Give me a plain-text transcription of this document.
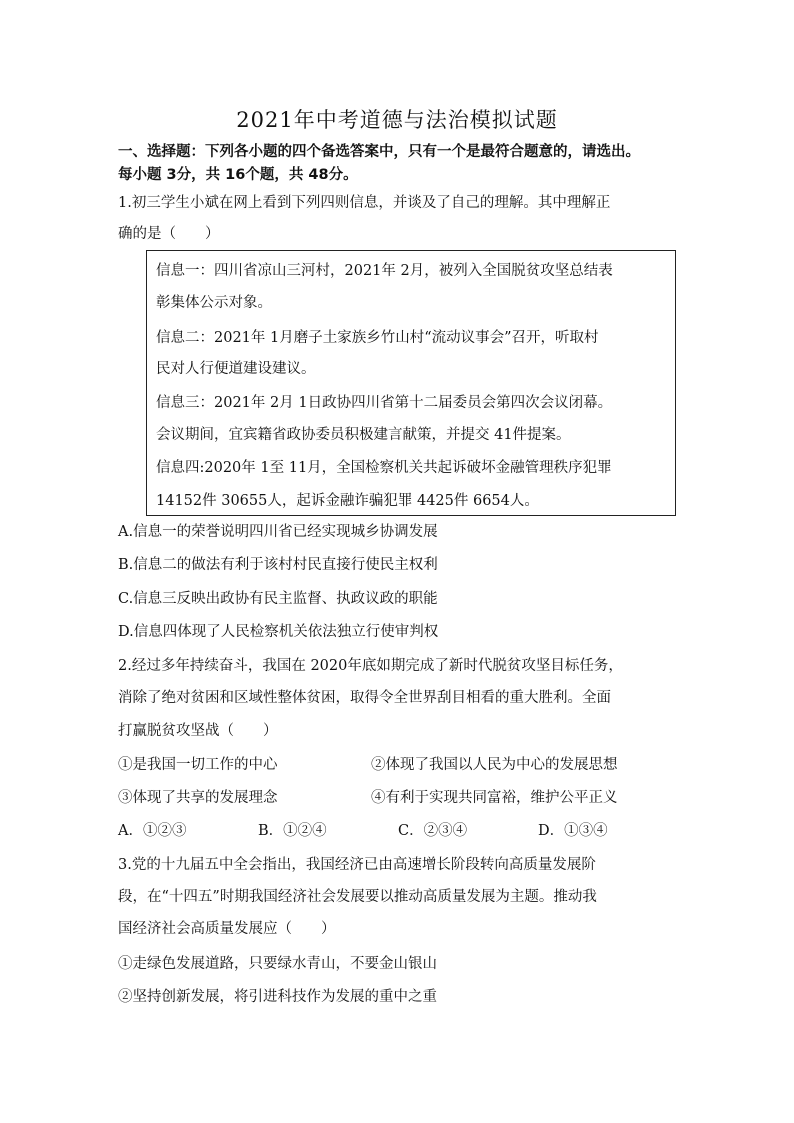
2021年中考道德与法治模拟试题
一、选择题：下列各小题的四个备选答案中，只有一个是最符合题意的，请选出。
每小题 3分，共 16个题，共 48分。
1.初三学生小斌在网上看到下列四则信息，并谈及了自己的理解。其中理解正
确的是（　　）
信息一：四川省凉山三河村，2021年 2月，被列入全国脱贫攻坚总结表
彰集体公示对象。
信息二：2021年 1月磨子土家族乡竹山村“流动议事会”召开，听取村
民对人行便道建设建议。
信息三：2021年 2月 1日政协四川省第十二届委员会第四次会议闭幕。
会议期间，宜宾籍省政协委员积极建言献策，并提交 41件提案。
信息四:2020年 1至 11月，全国检察机关共起诉破坏金融管理秩序犯罪
14152件 30655人，起诉金融诈骗犯罪 4425件 6654人。
A.信息一的荣誉说明四川省已经实现城乡协调发展
B.信息二的做法有利于该村村民直接行使民主权利
C.信息三反映出政协有民主监督、执政议政的职能
D.信息四体现了人民检察机关依法独立行使审判权
2.经过多年持续奋斗，我国在 2020年底如期完成了新时代脱贫攻坚目标任务，
消除了绝对贫困和区域性整体贫困，取得令全世界刮目相看的重大胜利。全面
打赢脱贫攻坚战（　　）
①是我国一切工作的中心	②体现了我国以人民为中心的发展思想
③体现了共享的发展理念	④有利于实现共同富裕，维护公平正义
A．①②③	B．①②④	C．②③④	D．①③④
3.党的十九届五中全会指出，我国经济已由高速增长阶段转向高质量发展阶
段，在“十四五”时期我国经济社会发展要以推动高质量发展为主题。推动我
国经济社会高质量发展应（　　）
①走绿色发展道路，只要绿水青山，不要金山银山
②坚持创新发展，将引进科技作为发展的重中之重
